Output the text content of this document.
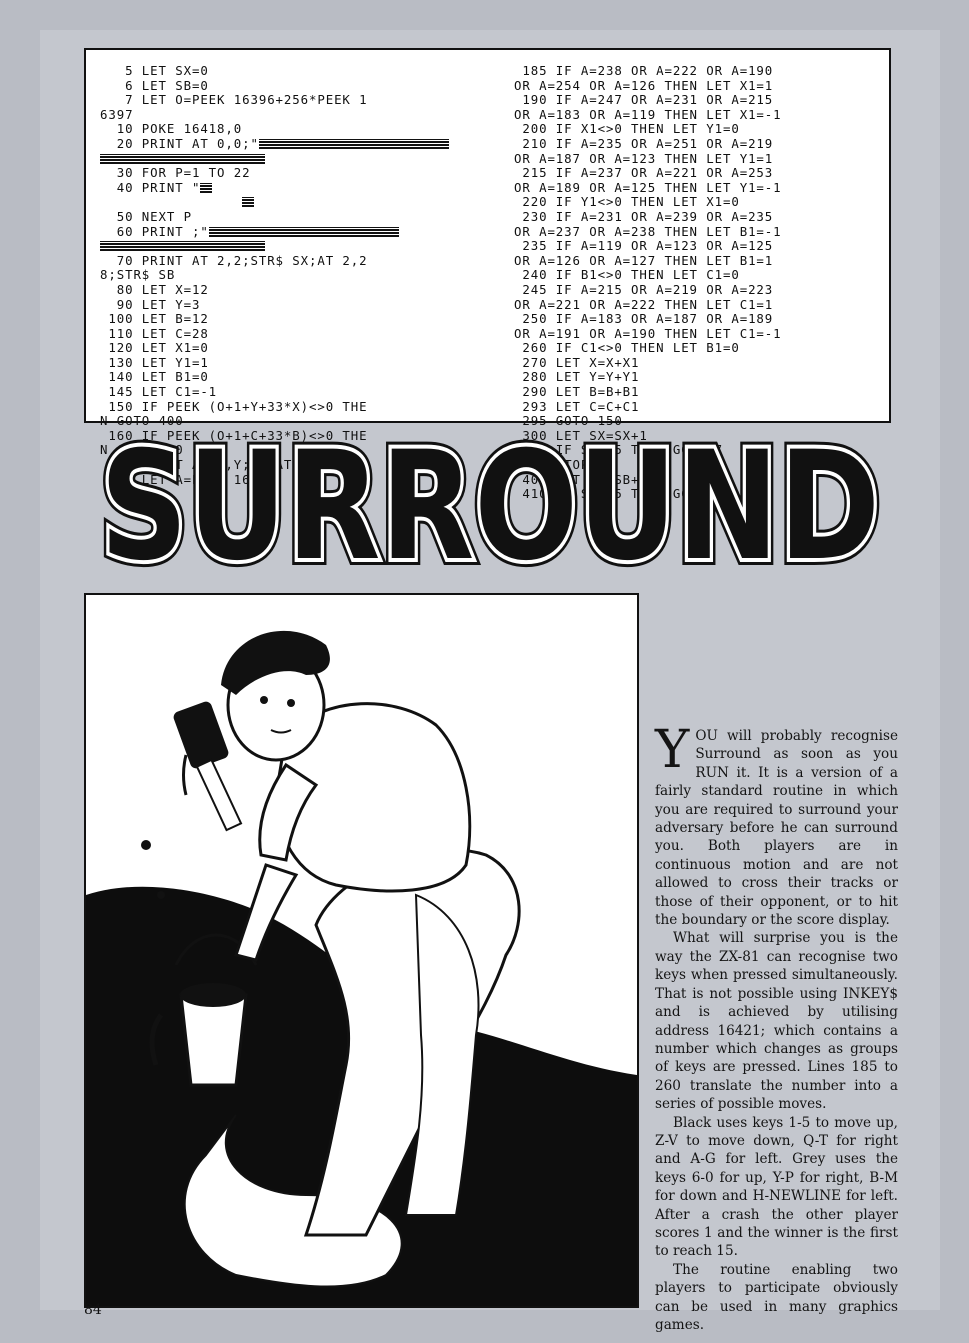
5 LET SX=0
6 LET SB=0
7 LET O=PEEK 16396+256*PEEK 1
6397
10 POKE 16418,0
20 PRINT AT 0,0;"
30 FOR P=1 TO 22
40 PRINT "

50 NEXT P
60 PRINT ;"
70 PRINT AT 2,2;STR$ SX;AT 2,2
8;STR$ SB
80 LET X=12
90 LET Y=3
100 LET B=12
110 LET C=28
120 LET X1=0
130 LET Y1=1
140 LET B1=0
145 LET C1=-1
150 IF PEEK (O+1+Y+33*X)<>0 THE
N GOTO 400
160 IF PEEK (O+1+C+33*B)<>0 THE
N GOTO 300
170 PRINT AT X,Y;"";AT B,C;""
180 LET A=PEEK 16421
185 IF A=238 OR A=222 OR A=190
OR A=254 OR A=126 THEN LET X1=1
190 IF A=247 OR A=231 OR A=215
OR A=183 OR A=119 THEN LET X1=-1
200 IF X1<>0 THEN LET Y1=0
210 IF A=235 OR A=251 OR A=219
OR A=187 OR A=123 THEN LET Y1=1
215 IF A=237 OR A=221 OR A=253
OR A=189 OR A=125 THEN LET Y1=-1
220 IF Y1<>0 THEN LET X1=0
230 IF A=231 OR A=239 OR A=235
OR A=237 OR A=238 THEN LET B1=-1
235 IF A=119 OR A=123 OR A=125
OR A=126 OR A=127 THEN LET B1=1
240 IF B1<>0 THEN LET C1=0
245 IF A=215 OR A=219 OR A=223
OR A=221 OR A=222 THEN LET C1=1
250 IF A=183 OR A=187 OR A=189
OR A=191 OR A=190 THEN LET C1=-1
260 IF C1<>0 THEN LET B1=0
270 LET X=X+X1
280 LET Y=Y+Y1
290 LET B=B+B1
293 LET C=C+C1
295 GOTO 150
300 LET SX=SX+1
310 IF SX<15 THEN GOTO 7
320 STOP
400 LET SB=SB+1
410 IF SB<15 THEN GOTO 7
SURROUND
SURROUND
SURROUND

YOU will probably recognise Surround as soon as you RUN it. It is a version of a fairly standard routine in which you are required to surround your adversary before he can surround you. Both players are in continuous motion and are not allowed to cross their tracks or those of their opponent, or to hit the boundary or the score display.

What will surprise you is the way the ZX-81 can recognise two keys when pressed simultaneously. That is not possible using INKEY$ and is achieved by utilising address 16421; which contains a number which changes as groups of keys are pressed. Lines 185 to 260 translate the number into a series of possible moves.

Black uses keys 1-5 to move up, Z-V to move down, Q-T for right and A-G for left. Grey uses the keys 6-0 for up, Y-P for right, B-M for down and H-NEWLINE for left. After a crash the other player scores 1 and the winner is the first to reach 15.

The routine enabling two players to participate obviously can be used in many graphics games.

84
